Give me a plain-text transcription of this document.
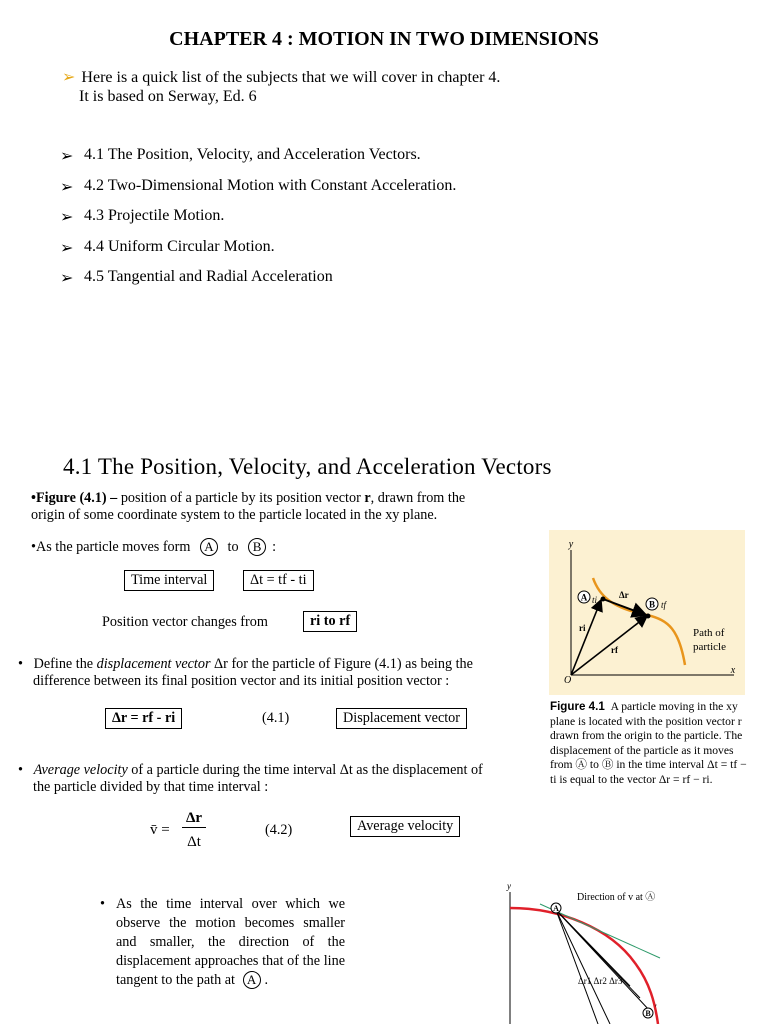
CHAPTER 4 : MOTION IN TWO DIMENSIONS
➢ Here is a quick list of the subjects that we will cover in chapter 4.
It is based on Serway, Ed. 6
➢ 4.1 The Position, Velocity, and Acceleration Vectors.
➢ 4.2 Two-Dimensional Motion with Constant Acceleration.
➢ 4.3 Projectile Motion.
➢ 4.4 Uniform Circular Motion.
➢ 4.5 Tangential and Radial Acceleration
4.1 The Position, Velocity, and Acceleration Vectors
•Figure (4.1) – position of a particle by its position vector r, drawn from the
origin of some coordinate system to the particle located in the xy plane.
•As the particle moves form A to B :
Time interval	Δt = tf - ti
Position vector changes from	ri to rf
•   Define the displacement vector Δr for the particle of Figure (4.1) as being the
difference between its final position vector and its initial position vector :
Δr = rf - ri	(4.1)	Displacement vector
•   Average velocity of a particle during the time interval Δt as the displacement of
the particle divided by that time interval :
v̄ =
Δr
Δt
(4.2)	Average velocity
• As the time interval over which we observe the motion becomes smaller and smaller, the direction of the displacement approaches that of the line tangent to the path at A .
y
x
O
A
B
ti	tf
Δr
ri
rf
Path of
particle
Figure 4.1 A particle moving in the xy plane is located with the position vector r drawn from the origin to the particle. The displacement of the particle as it moves from Ⓐ to Ⓑ in the time interval Δt = tf − ti is equal to the vector Δr = rf − ri.
y
Direction of v at Ⓐ
A
B
′
Δr1 Δr2 Δr3
